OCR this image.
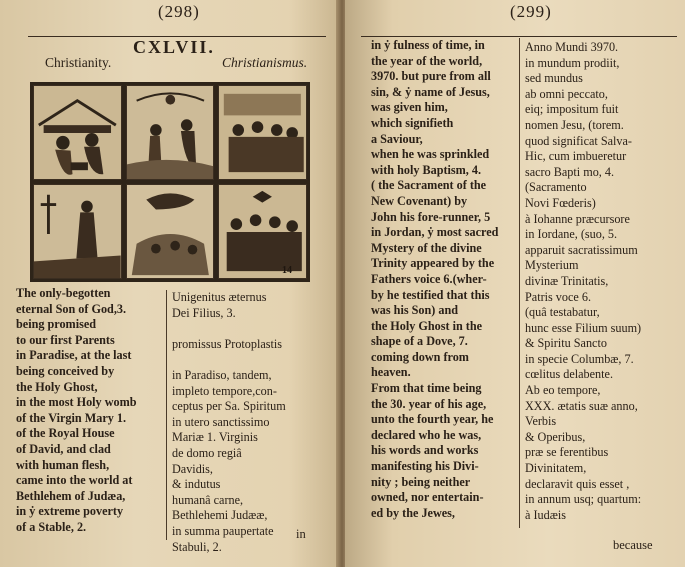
(298)
CXLVII.
Christianity.	Christianismus.
14
The only-begotten
eternal Son of God,3.
being promised
to our first Parents
in Paradise, at the last
being conceived by
the Holy Ghost,
in the most Holy womb
of the Virgin Mary 1.
of the Royal House
of David, and clad
with human flesh,
came into the world at
Bethlehem of Judæa,
in ẏ extreme poverty
of a Stable, 2.
Unigenitus æternus
Dei Filius, 3.
promissus Protoplastis
in Paradiso, tandem,
impleto tempore,con-
ceptus per Sa. Spiritum
in utero sanctissimo
Mariæ 1. Virginis
de domo regiâ
Davidis,
& indutus
humanâ carne,
Bethlehemi Judææ,
in summa paupertate
Stabuli, 2.
in
(299)
in ẏ fulness of time, in
the year of the world,
3970. but pure from all
sin, & ẏ name of Jesus,
was given him,
which signifieth
a Saviour,
when he was sprinkled
with holy Baptism, 4.
( the Sacrament of the
New Covenant) by
John his fore-runner, 5
in Jordan, ẏ most sacred
Mystery of the divine
Trinity appeared by the
Fathers voice 6.(wher-
by he testified that this
was his Son) and
the Holy Ghost in the
shape of a Dove, 7.
coming down from
heaven.
From that time being
the 30. year of his age,
unto the fourth year, he
declared who he was,
his words and works
manifesting his Divi-
nity ; being neither
owned, nor entertain-
ed by the Jewes,
Anno Mundi 3970.
in mundum prodiit,
sed mundus
ab omni peccato,
eiq; impositum fuit
nomen Jesu, (torem.
quod significat Salva-
Hic, cum imbueretur
sacro Bapti mo, 4.
(Sacramento
Novi Fœderis)
à Iohanne præcursore
in Iordane, (suo, 5.
apparuit sacratissimum
Mysterium
divinæ Trinitatis,
Patris voce 6.
(quâ testabatur,
hunc esse Filium suum)
& Spiritu Sancto
in specie Columbæ, 7.
cœlitus delabente.
Ab eo tempore,
XXX. ætatis suæ anno,
Verbis
& Operibus,
præ se ferentibus
Divinitatem,
declaravit quis esset ,
in annum usq; quartum:
à Iudæis
because
